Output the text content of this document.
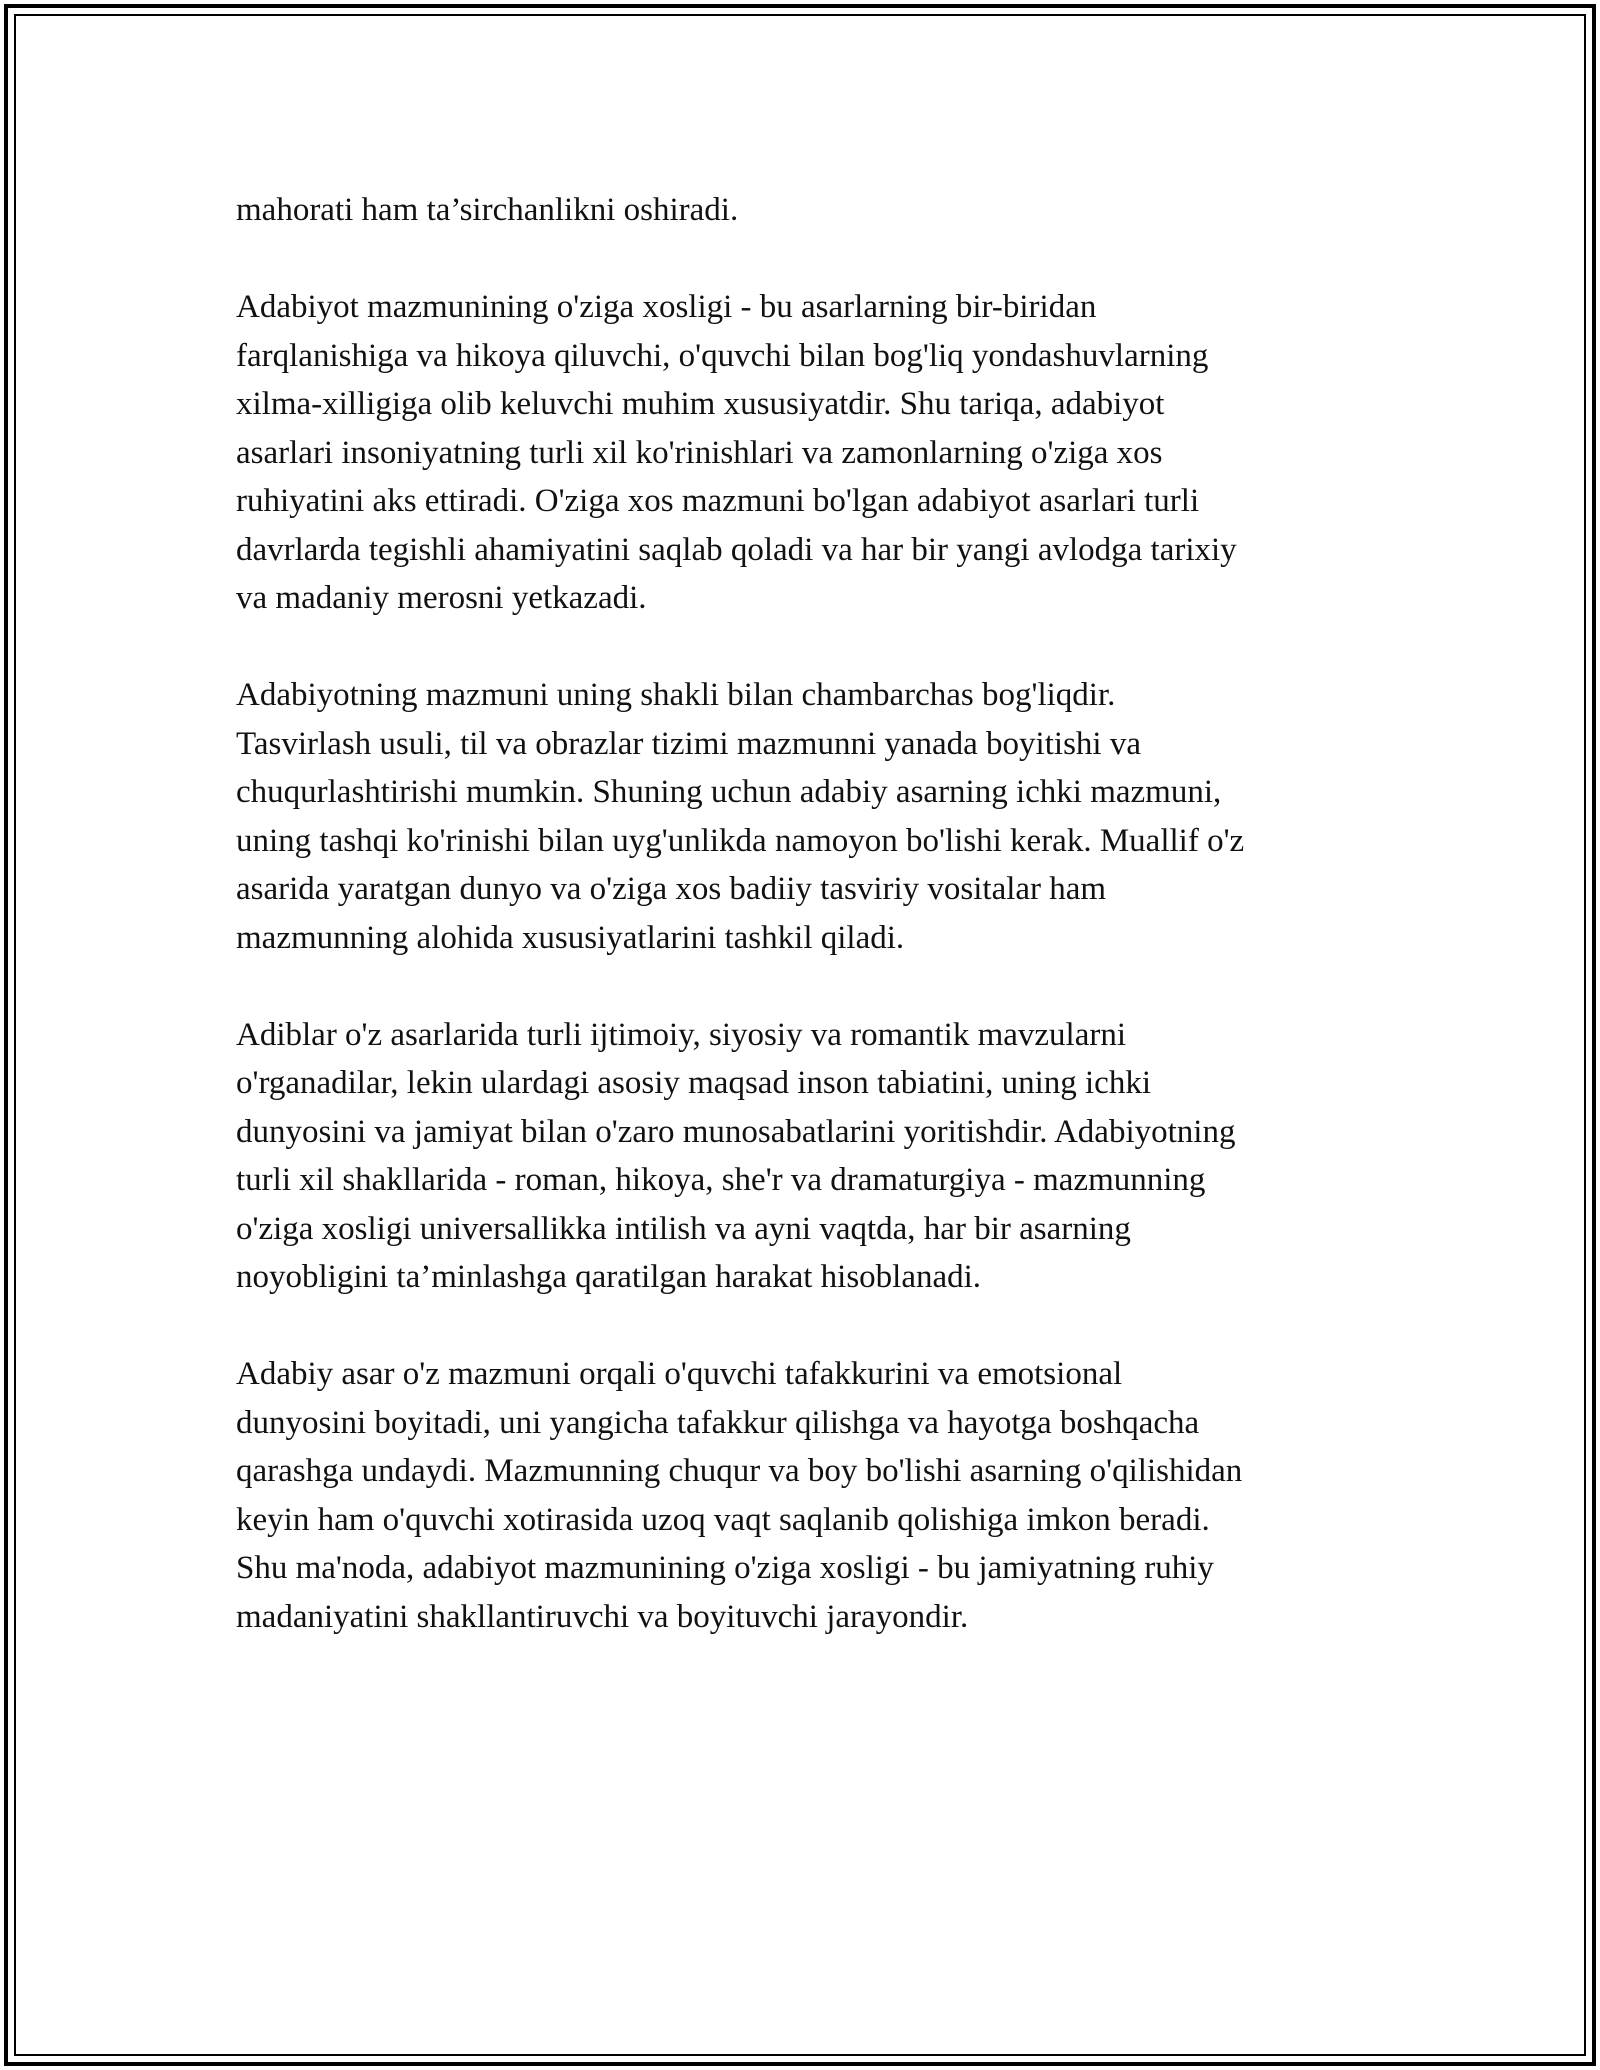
mahorati ham ta’sirchanlikni oshiradi.

Adabiyot mazmunining o'ziga xosligi - bu asarlarning bir-biridan
farqlanishiga va hikoya qiluvchi, o'quvchi bilan bog'liq yondashuvlarning
xilma-xilligiga olib keluvchi muhim xususiyatdir. Shu tariqa, adabiyot
asarlari insoniyatning turli xil ko'rinishlari va zamonlarning o'ziga xos
ruhiyatini aks ettiradi. O'ziga xos mazmuni bo'lgan adabiyot asarlari turli
davrlarda tegishli ahamiyatini saqlab qoladi va har bir yangi avlodga tarixiy
va madaniy merosni yetkazadi.

Adabiyotning mazmuni uning shakli bilan chambarchas bog'liqdir.
Tasvirlash usuli, til va obrazlar tizimi mazmunni yanada boyitishi va
chuqurlashtirishi mumkin. Shuning uchun adabiy asarning ichki mazmuni,
uning tashqi ko'rinishi bilan uyg'unlikda namoyon bo'lishi kerak. Muallif o'z
asarida yaratgan dunyo va o'ziga xos badiiy tasviriy vositalar ham
mazmunning alohida xususiyatlarini tashkil qiladi.

Adiblar o'z asarlarida turli ijtimoiy, siyosiy va romantik mavzularni
o'rganadilar, lekin ulardagi asosiy maqsad inson tabiatini, uning ichki
dunyosini va jamiyat bilan o'zaro munosabatlarini yoritishdir. Adabiyotning
turli xil shakllarida - roman, hikoya, she'r va dramaturgiya - mazmunning
o'ziga xosligi universallikka intilish va ayni vaqtda, har bir asarning
noyobligini ta’minlashga qaratilgan harakat hisoblanadi.

Adabiy asar o'z mazmuni orqali o'quvchi tafakkurini va emotsional
dunyosini boyitadi, uni yangicha tafakkur qilishga va hayotga boshqacha
qarashga undaydi. Mazmunning chuqur va boy bo'lishi asarning o'qilishidan
keyin ham o'quvchi xotirasida uzoq vaqt saqlanib qolishiga imkon beradi.
Shu ma'noda, adabiyot mazmunining o'ziga xosligi - bu jamiyatning ruhiy
madaniyatini shakllantiruvchi va boyituvchi jarayondir.
